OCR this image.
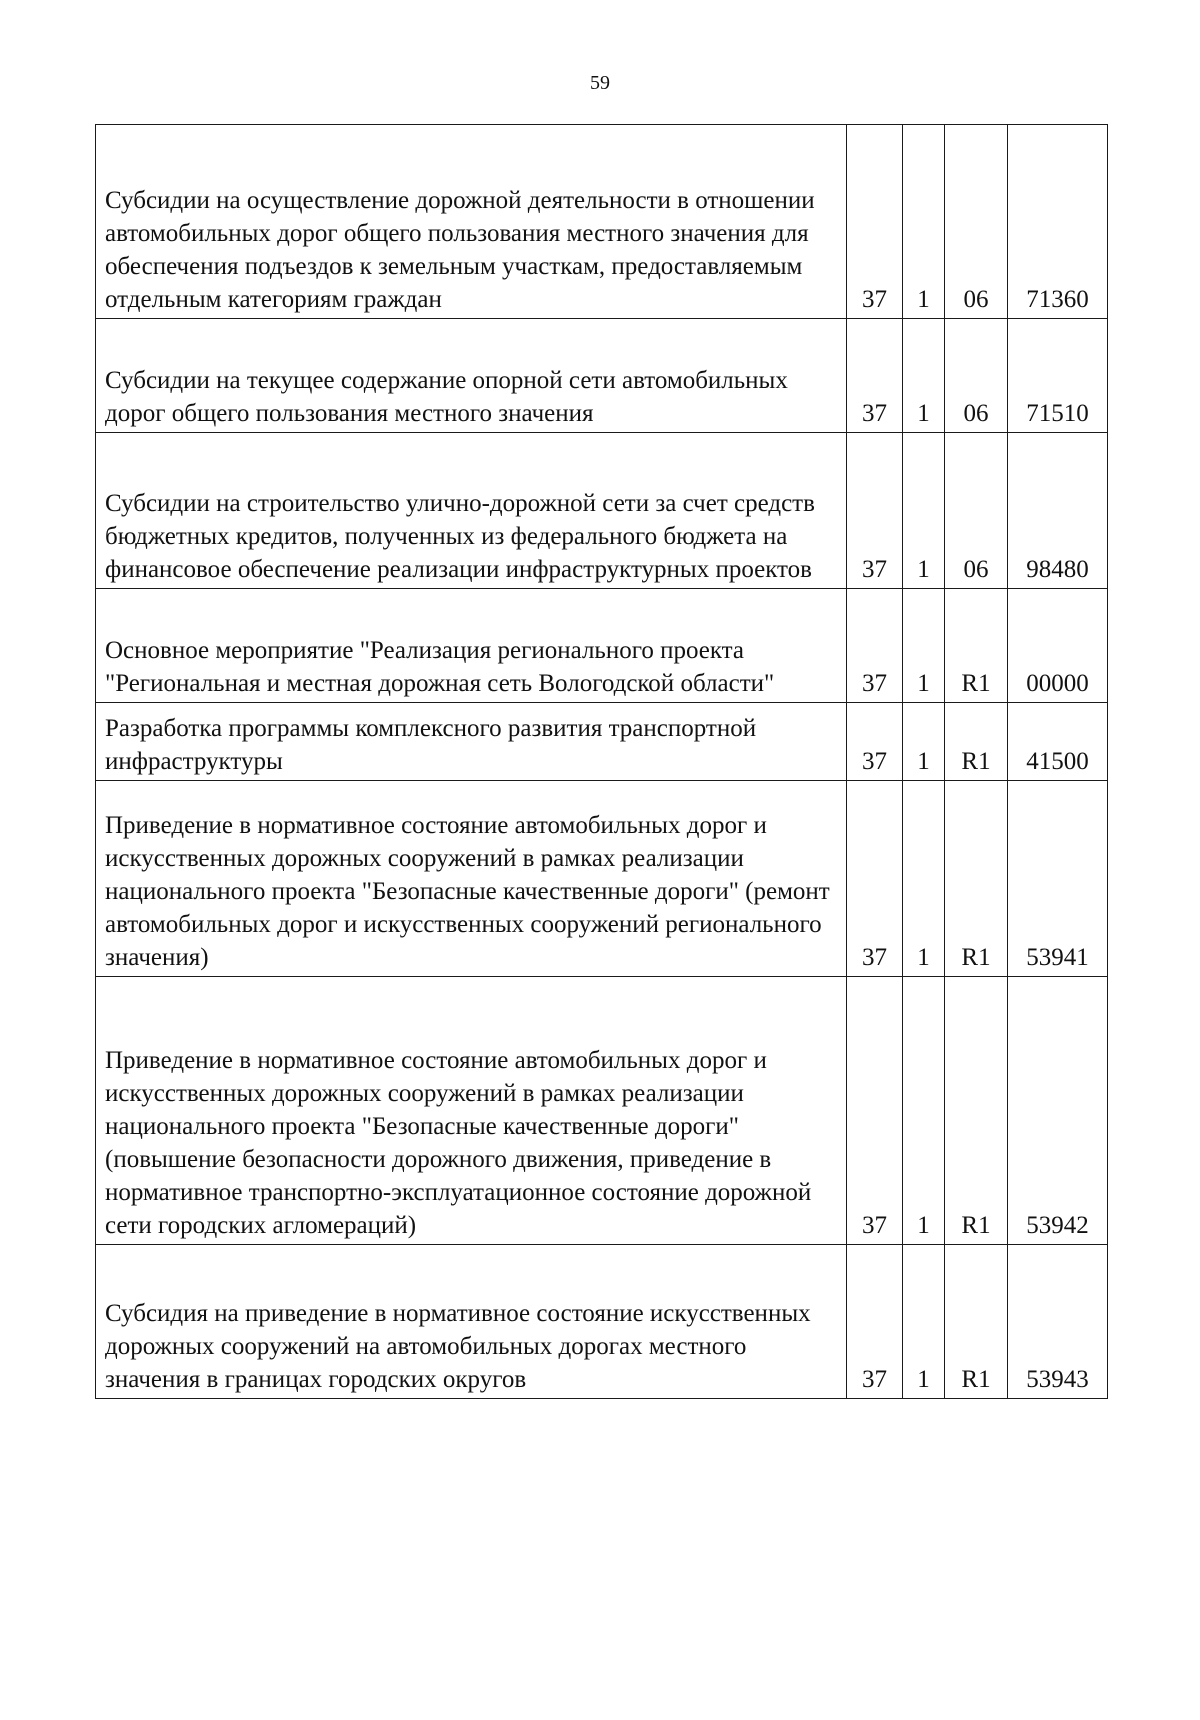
59
Субсидии на осуществление дорожной деятельности в отношении автомобильных дорог общего пользования местного значения для обеспечения подъездов к земельным участкам, предоставляемым отдельным категориям граждан	37	1	06	71360
Субсидии на текущее содержание опорной сети автомобильных дорог общего пользования местного значения	37	1	06	71510
Субсидии на строительство улично-дорожной сети за счет средств бюджетных кредитов, полученных из федерального бюджета на финансовое обеспечение реализации инфраструктурных проектов	37	1	06	98480
Основное мероприятие "Реализация регионального проекта "Региональная и местная дорожная сеть Вологодской области"	37	1	R1	00000
Разработка программы комплексного развития транспортной инфраструктуры	37	1	R1	41500
Приведение в нормативное состояние автомобильных дорог и искусственных дорожных сооружений в рамках реализации национального проекта "Безопасные качественные дороги" (ремонт автомобильных дорог и искусственных сооружений регионального значения)	37	1	R1	53941
Приведение в нормативное состояние автомобильных дорог и искусственных дорожных сооружений в рамках реализации национального проекта "Безопасные качественные дороги" (повышение безопасности дорожного движения, приведение в нормативное транспортно-эксплуатационное состояние дорожной сети городских агломераций)	37	1	R1	53942
Субсидия на приведение в нормативное состояние искусственных дорожных сооружений на автомобильных дорогах местного значения в границах городских округов	37	1	R1	53943
